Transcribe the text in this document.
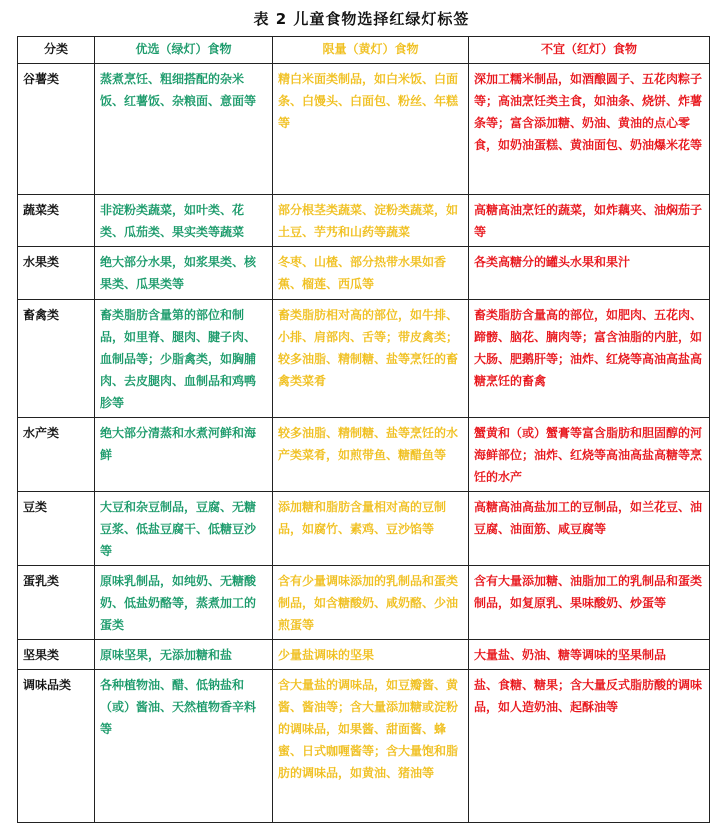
表 2 儿童食物选择红绿灯标签
分类	优选（绿灯）食物	限量（黄灯）食物	不宜（红灯）食物
谷薯类	蒸煮烹饪、粗细搭配的杂米饭、红薯饭、杂粮面、意面等	精白米面类制品，如白米饭、白面条、白馒头、白面包、粉丝、年糕等	深加工糯米制品，如酒酿圆子、五花肉粽子等；高油烹饪类主食，如油条、烧饼、炸薯条等；富含添加糖、奶油、黄油的点心零食，如奶油蛋糕、黄油面包、奶油爆米花等
蔬菜类	非淀粉类蔬菜，如叶类、花类、瓜茄类、果实类等蔬菜	部分根茎类蔬菜、淀粉类蔬菜，如土豆、芋艿和山药等蔬菜	高糖高油烹饪的蔬菜，如炸藕夹、油焖茄子等
水果类	绝大部分水果，如浆果类、核果类、瓜果类等	冬枣、山楂、部分热带水果如香蕉、榴莲、西瓜等	各类高糖分的罐头水果和果汁
畜禽类	畜类脂肪含量第的部位和制品，如里脊、腿肉、腱子肉、血制品等；少脂禽类，如胸脯肉、去皮腿肉、血制品和鸡鸭胗等	畜类脂肪相对高的部位，如牛排、小排、肩部肉、舌等；带皮禽类；较多油脂、精制糖、盐等烹饪的畜禽类菜肴	畜类脂肪含量高的部位，如肥肉、五花肉、蹄髈、脑花、腩肉等；富含油脂的内脏，如大肠、肥鹅肝等；油炸、红烧等高油高盐高糖烹饪的畜禽
水产类	绝大部分清蒸和水煮河鲜和海鲜	较多油脂、精制糖、盐等烹饪的水产类菜肴，如煎带鱼、糖醋鱼等	蟹黄和（或）蟹膏等富含脂肪和胆固醇的河海鲜部位；油炸、红烧等高油高盐高糖等烹饪的水产
豆类	大豆和杂豆制品，豆腐、无糖豆浆、低盐豆腐干、低糖豆沙等	添加糖和脂肪含量相对高的豆制品，如腐竹、素鸡、豆沙馅等	高糖高油高盐加工的豆制品，如兰花豆、油豆腐、油面筋、咸豆腐等
蛋乳类	原味乳制品，如纯奶、无糖酸奶、低盐奶酪等，蒸煮加工的蛋类	含有少量调味添加的乳制品和蛋类制品，如含糖酸奶、咸奶酪、少油煎蛋等	含有大量添加糖、油脂加工的乳制品和蛋类制品，如复原乳、果味酸奶、炒蛋等
坚果类	原味坚果，无添加糖和盐	少量盐调味的坚果	大量盐、奶油、糖等调味的坚果制品
调味品类	各种植物油、醋、低钠盐和（或）酱油、天然植物香辛料等	含大量盐的调味品，如豆瓣酱、黄酱、酱油等；含大量添加糖或淀粉的调味品，如果酱、甜面酱、蜂蜜、日式咖喱酱等；含大量饱和脂肪的调味品，如黄油、猪油等	盐、食糖、糖果；含大量反式脂肪酸的调味品，如人造奶油、起酥油等
